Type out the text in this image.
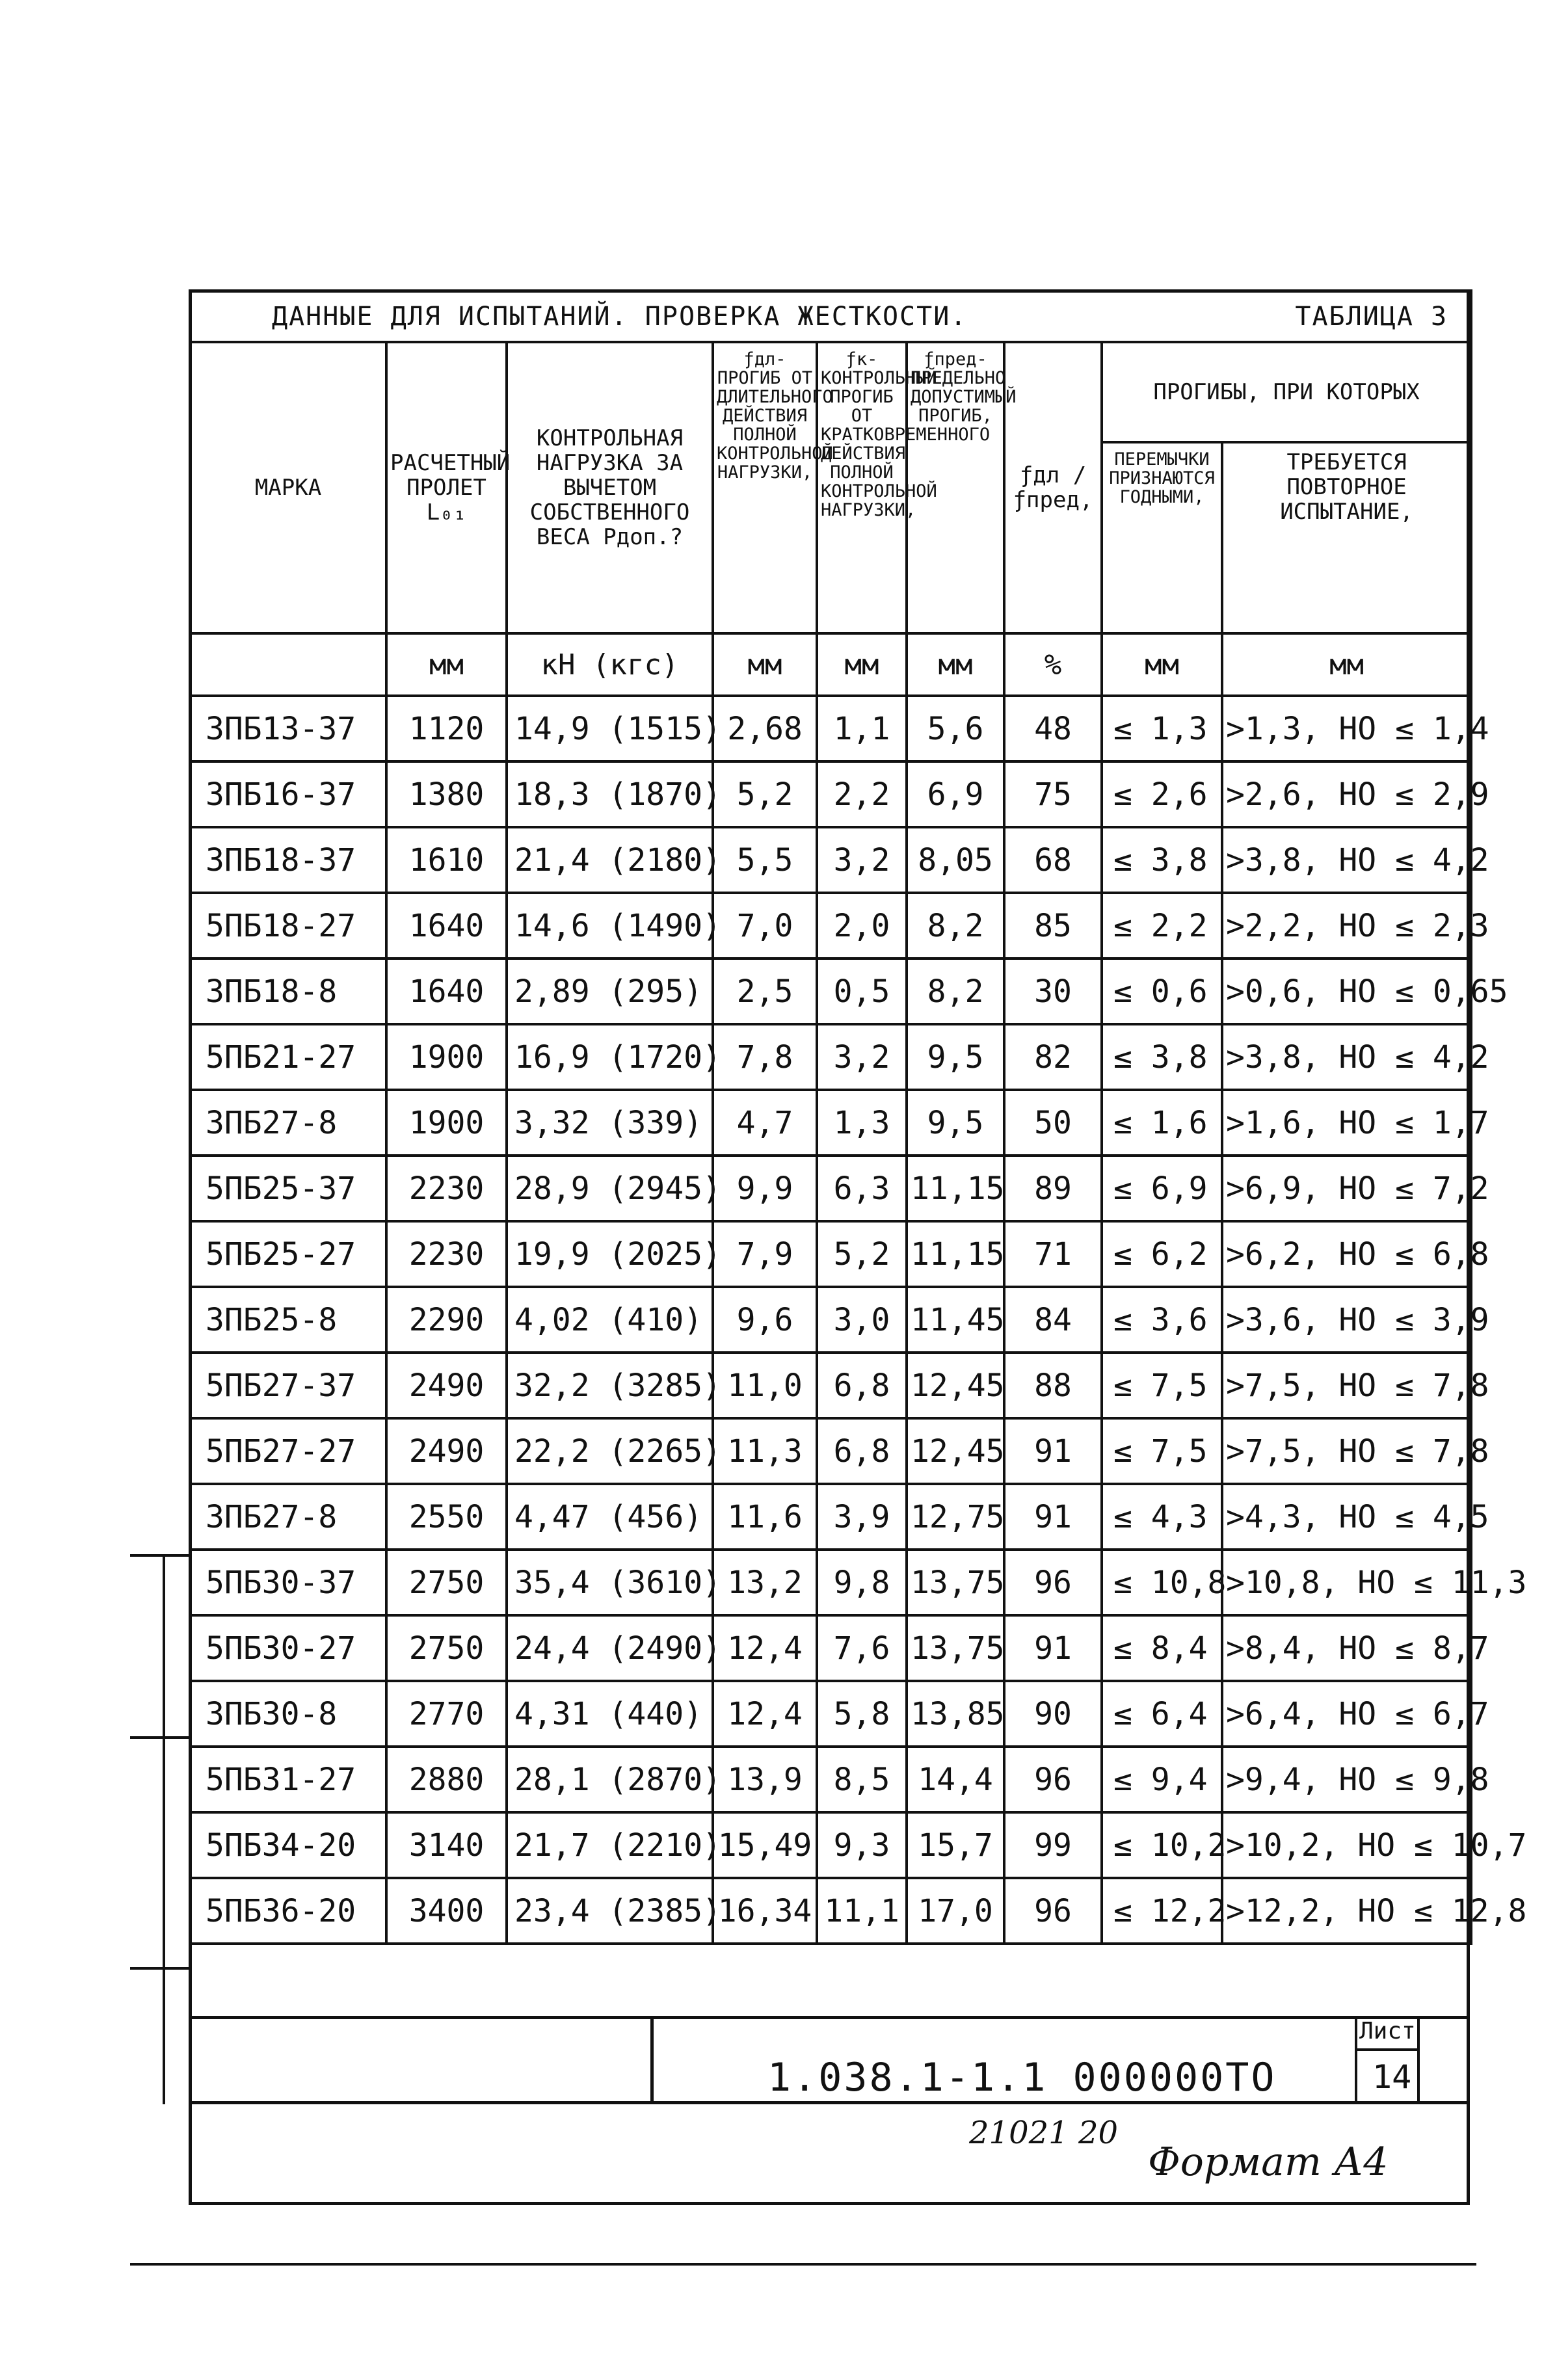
ДАННЫЕ ДЛЯ ИСПЫТАНИЙ. ПРОВЕРКА ЖЕСТКОСТИ. ТАБЛИЦА 3								

МАРКА	РАСЧЕТНЫЙ ПРОЛЕТ L₀₁	КОНТРОЛЬНАЯ НАГРУЗКА ЗА ВЫЧЕТОМ СОБСТВЕННОГО ВЕСА Pдоп.?	ƒдл- ПРОГИБ ОТ ДЛИТЕЛЬНОГО ДЕЙСТВИЯ ПОЛНОЙ КОНТРОЛЬНОЙ НАГРУЗКИ,	ƒк- КОНТРОЛЬНЫЙ ПРОГИБ ОТ КРАТКОВРЕМЕННОГО ДЕЙСТВИЯ ПОЛНОЙ КОНТРОЛЬНОЙ НАГРУЗКИ,	ƒпред- ПРЕДЕЛЬНО ДОПУСТИМЫЙ ПРОГИБ,	ƒдл / ƒпред,	ПРОГИБЫ, ПРИ КОТОРЫХ	
							ПЕРЕМЫЧКИ ПРИЗНАЮТСЯ ГОДНЫМИ,	ТРЕБУЕТСЯ ПОВТОРНОЕ ИСПЫТАНИЕ,
	мм	кН (кгс)	мм	мм	мм	%	мм	мм
3ПБ13-37	1120	14,9 (1515)	2,68	1,1	5,6	48	≤ 1,3	>1,3, НО ≤ 1,4
3ПБ16-37	1380	18,3 (1870)	5,2	2,2	6,9	75	≤ 2,6	>2,6, НО ≤ 2,9
3ПБ18-37	1610	21,4 (2180)	5,5	3,2	8,05	68	≤ 3,8	>3,8, НО ≤ 4,2
5ПБ18-27	1640	14,6 (1490)	7,0	2,0	8,2	85	≤ 2,2	>2,2, НО ≤ 2,3
3ПБ18-8	1640	2,89 (295)	2,5	0,5	8,2	30	≤ 0,6	>0,6, НО ≤ 0,65
5ПБ21-27	1900	16,9 (1720)	7,8	3,2	9,5	82	≤ 3,8	>3,8, НО ≤ 4,2
3ПБ27-8	1900	3,32 (339)	4,7	1,3	9,5	50	≤ 1,6	>1,6, НО ≤ 1,7
5ПБ25-37	2230	28,9 (2945)	9,9	6,3	11,15	89	≤ 6,9	>6,9, НО ≤ 7,2
5ПБ25-27	2230	19,9 (2025)	7,9	5,2	11,15	71	≤ 6,2	>6,2, НО ≤ 6,8
3ПБ25-8	2290	4,02 (410)	9,6	3,0	11,45	84	≤ 3,6	>3,6, НО ≤ 3,9
5ПБ27-37	2490	32,2 (3285)	11,0	6,8	12,45	88	≤ 7,5	>7,5, НО ≤ 7,8
5ПБ27-27	2490	22,2 (2265)	11,3	6,8	12,45	91	≤ 7,5	>7,5, НО ≤ 7,8
3ПБ27-8	2550	4,47 (456)	11,6	3,9	12,75	91	≤ 4,3	>4,3, НО ≤ 4,5
5ПБ30-37	2750	35,4 (3610)	13,2	9,8	13,75	96	≤ 10,8	>10,8, НО ≤ 11,3
5ПБ30-27	2750	24,4 (2490)	12,4	7,6	13,75	91	≤ 8,4	>8,4, НО ≤ 8,7
3ПБ30-8	2770	4,31 (440)	12,4	5,8	13,85	90	≤ 6,4	>6,4, НО ≤ 6,7
5ПБ31-27	2880	28,1 (2870)	13,9	8,5	14,4	96	≤ 9,4	>9,4, НО ≤ 9,8
5ПБ34-20	3140	21,7 (2210)	15,49	9,3	15,7	99	≤ 10,2	>10,2, НО ≤ 10,7
5ПБ36-20	3400	23,4 (2385)	16,34	11,1	17,0	96	≤ 12,2	>12,2, НО ≤ 12,8
1.038.1-1.1 000000ТО
Лист
14
21021 20
Формат А4
